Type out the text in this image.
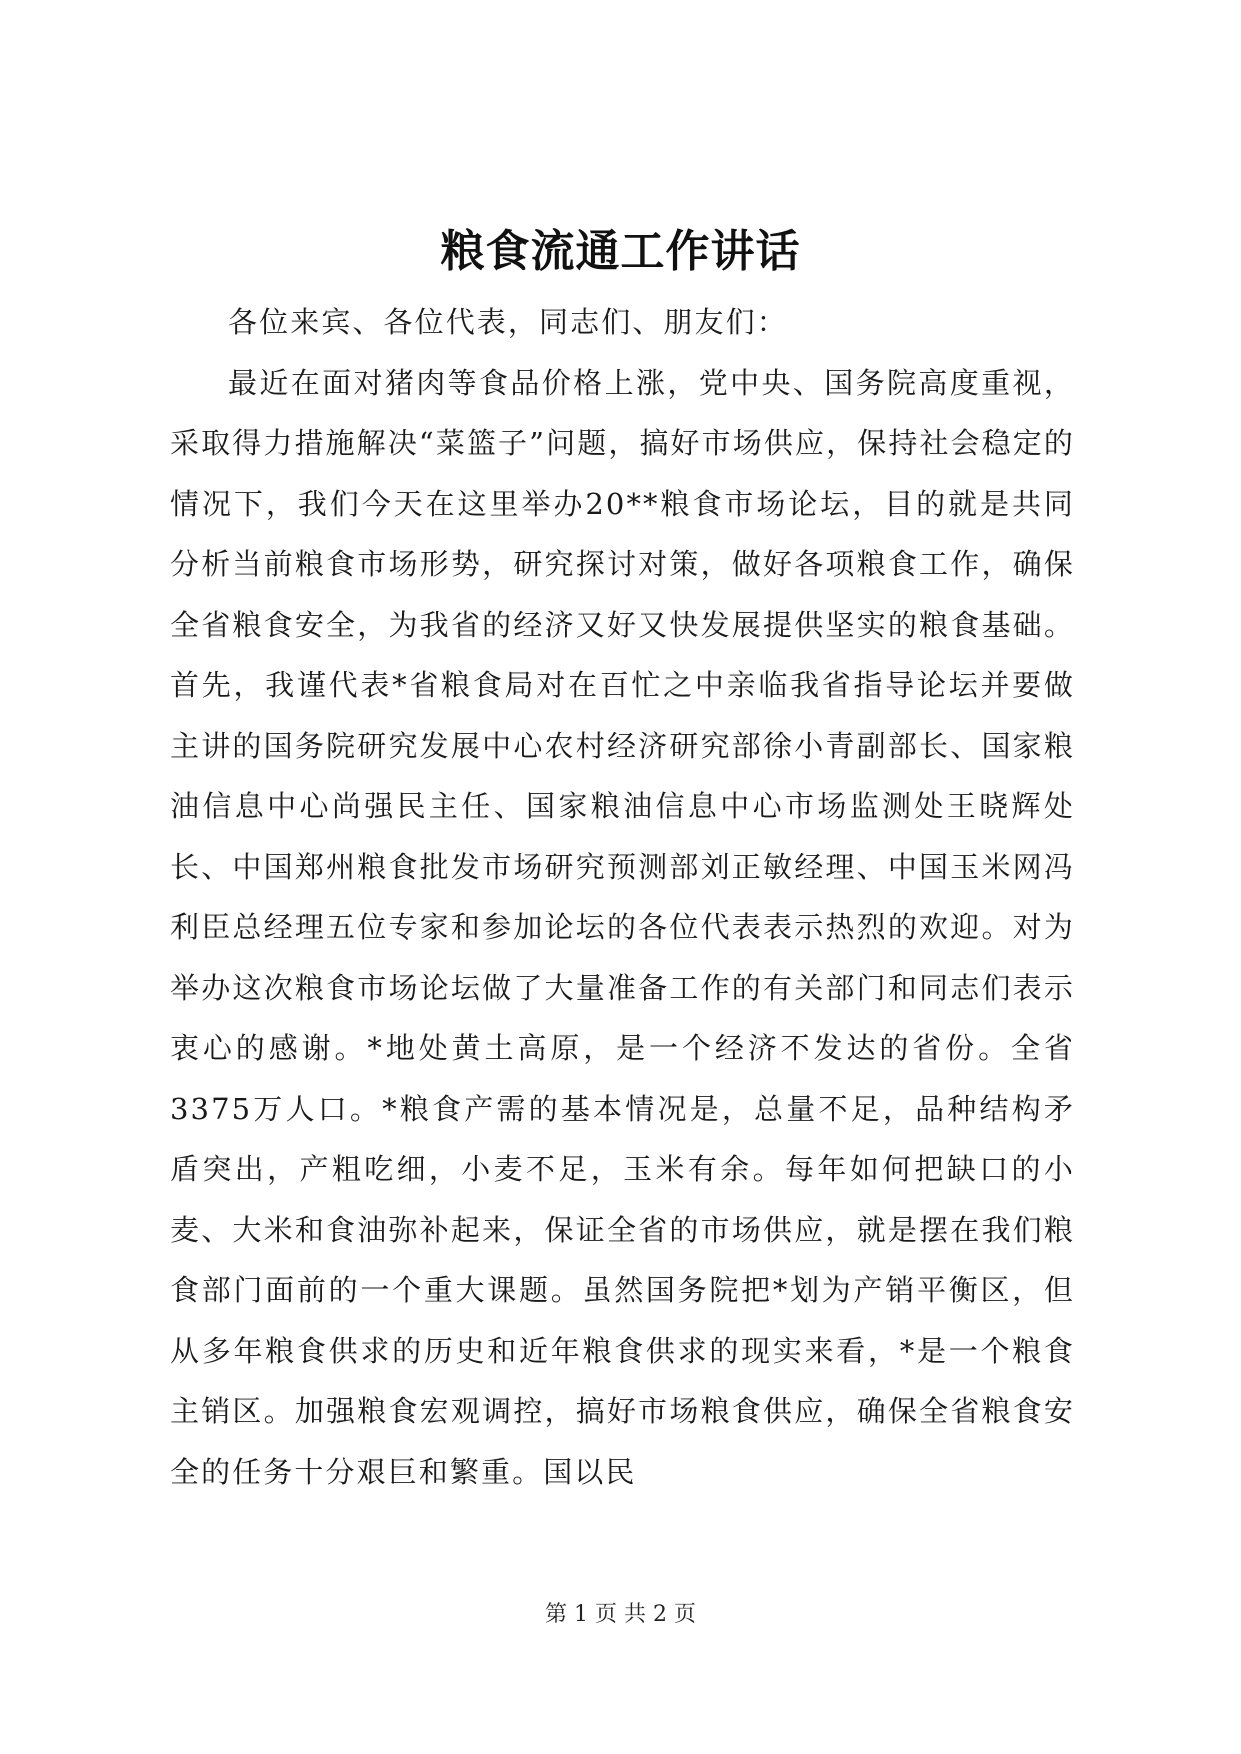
粮食流通工作讲话

各位来宾、各位代表，同志们、朋友们：

最近在面对猪肉等食品价格上涨，党中央、国务院高度重视，采取得力措施解决“菜篮子”问题，搞好市场供应，保持社会稳定的情况下，我们今天在这里举办20**粮食市场论坛，目的就是共同分析当前粮食市场形势，研究探讨对策，做好各项粮食工作，确保全省粮食安全，为我省的经济又好又快发展提供坚实的粮食基础。首先，我谨代表*省粮食局对在百忙之中亲临我省指导论坛并要做主讲的国务院研究发展中心农村经济研究部徐小青副部长、国家粮油信息中心尚强民主任、国家粮油信息中心市场监测处王晓辉处长、中国郑州粮食批发市场研究预测部刘正敏经理、中国玉米网冯利臣总经理五位专家和参加论坛的各位代表表示热烈的欢迎。对为举办这次粮食市场论坛做了大量准备工作的有关部门和同志们表示衷心的感谢。*地处黄土高原，是一个经济不发达的省份。全省3375万人口。*粮食产需的基本情况是，总量不足，品种结构矛盾突出，产粗吃细，小麦不足，玉米有余。每年如何把缺口的小麦、大米和食油弥补起来，保证全省的市场供应，就是摆在我们粮食部门面前的一个重大课题。虽然国务院把*划为产销平衡区，但从多年粮食供求的历史和近年粮食供求的现实来看，*是一个粮食主销区。加强粮食宏观调控，搞好市场粮食供应，确保全省粮食安全的任务十分艰巨和繁重。国以民

第 1 页 共 2 页
